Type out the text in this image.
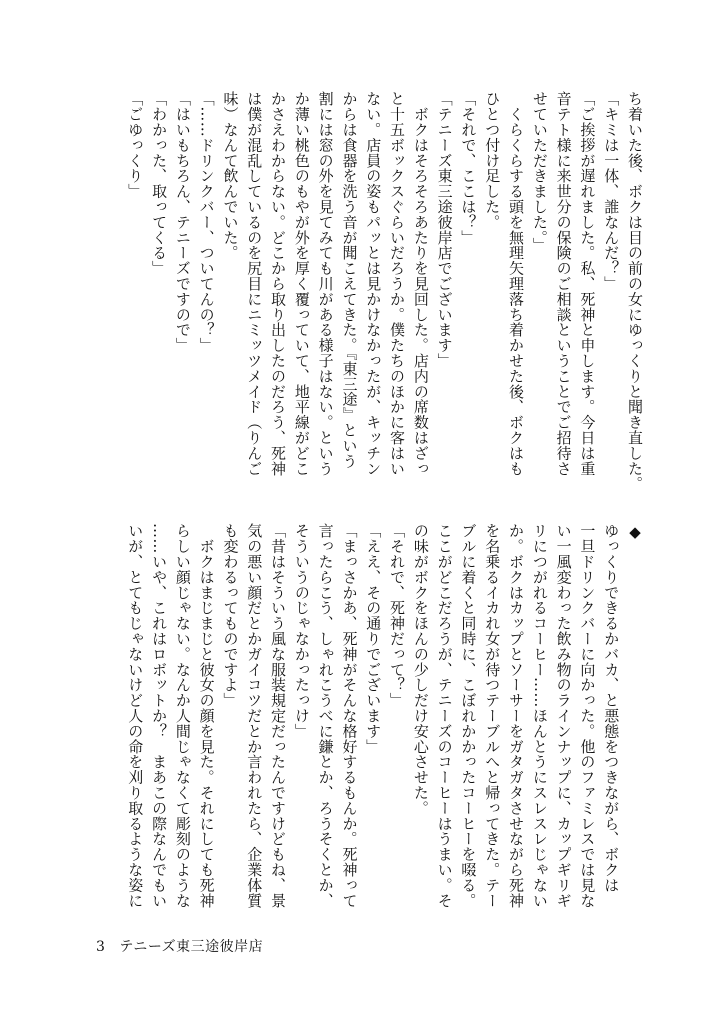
ち着いた後、ボクは目の前の女にゆっくりと聞き直した。

「キミは一体、誰なんだ？」

「ご挨拶が遅れました。私、死神と申します。今日は重

音テト様に来世分の保険のご相談ということでご招待さ

せていただきました。」

　くらくらする頭を無理矢理落ち着かせた後、ボクはも

ひとつ付け足した。

「それで、ここは？」

「テニーズ東三途彼岸店でございます」

　ボクはそろそろあたりを見回した。店内の席数はざっ

と十五ボックスぐらいだろうか。僕たちのほかに客はい

ない。店員の姿もパッとは見かけなかったが、キッチン

からは食器を洗う音が聞こえてきた。『東三途』という

割には窓の外を見てみても川がある様子はない。という

か薄い桃色のもやが外を厚く覆っていて、地平線がどこ

かさえわからない。どこから取り出したのだろう、死神

は僕が混乱しているのを尻目にニミッツメイド（りんご

味）なんて飲んでいた。

「……ドリンクバー、ついてんの？」

「はいもちろん、テニーズですので」

「わかった、取ってくる」

「ごゆっくり」

◆

ゆっくりできるかバカ、と悪態をつきながら、ボクは

一旦ドリンクバーに向かった。他のファミレスでは見な

い一風変わった飲み物のラインナップに、カップギリギ

リにつがれるコーヒー……ほんとうにスレスレじゃない

か。ボクはカップとソーサーをガタガタさせながら死神

を名乗るイカれ女が待つテーブルへと帰ってきた。テー

ブルに着くと同時に、こぼれかかったコーヒーを啜る。

ここがどこだろうが、テニーズのコーヒーはうまい。そ

の味がボクをほんの少しだけ安心させた。

「それで、死神だって？」

「ええ、その通りでございます」

「まっさかあ、死神がそんな格好するもんか。死神って

言ったらこう、しゃれこうべに鎌とか、ろうそくとか、

そういうのじゃなかったっけ」

「昔はそういう風な服装規定だったんですけどもね、景

気の悪い顔だとかガイコツだとか言われたら、企業体質

も変わるってものですよ」

　ボクはまじまじと彼女の顔を見た。それにしても死神

らしい顔じゃない。なんか人間じゃなくて彫刻のような

……いや、これはロボットか？　まあこの際なんでもい

いが、とてもじゃないけど人の命を刈り取るような姿に

3 テニーズ東三途彼岸店
